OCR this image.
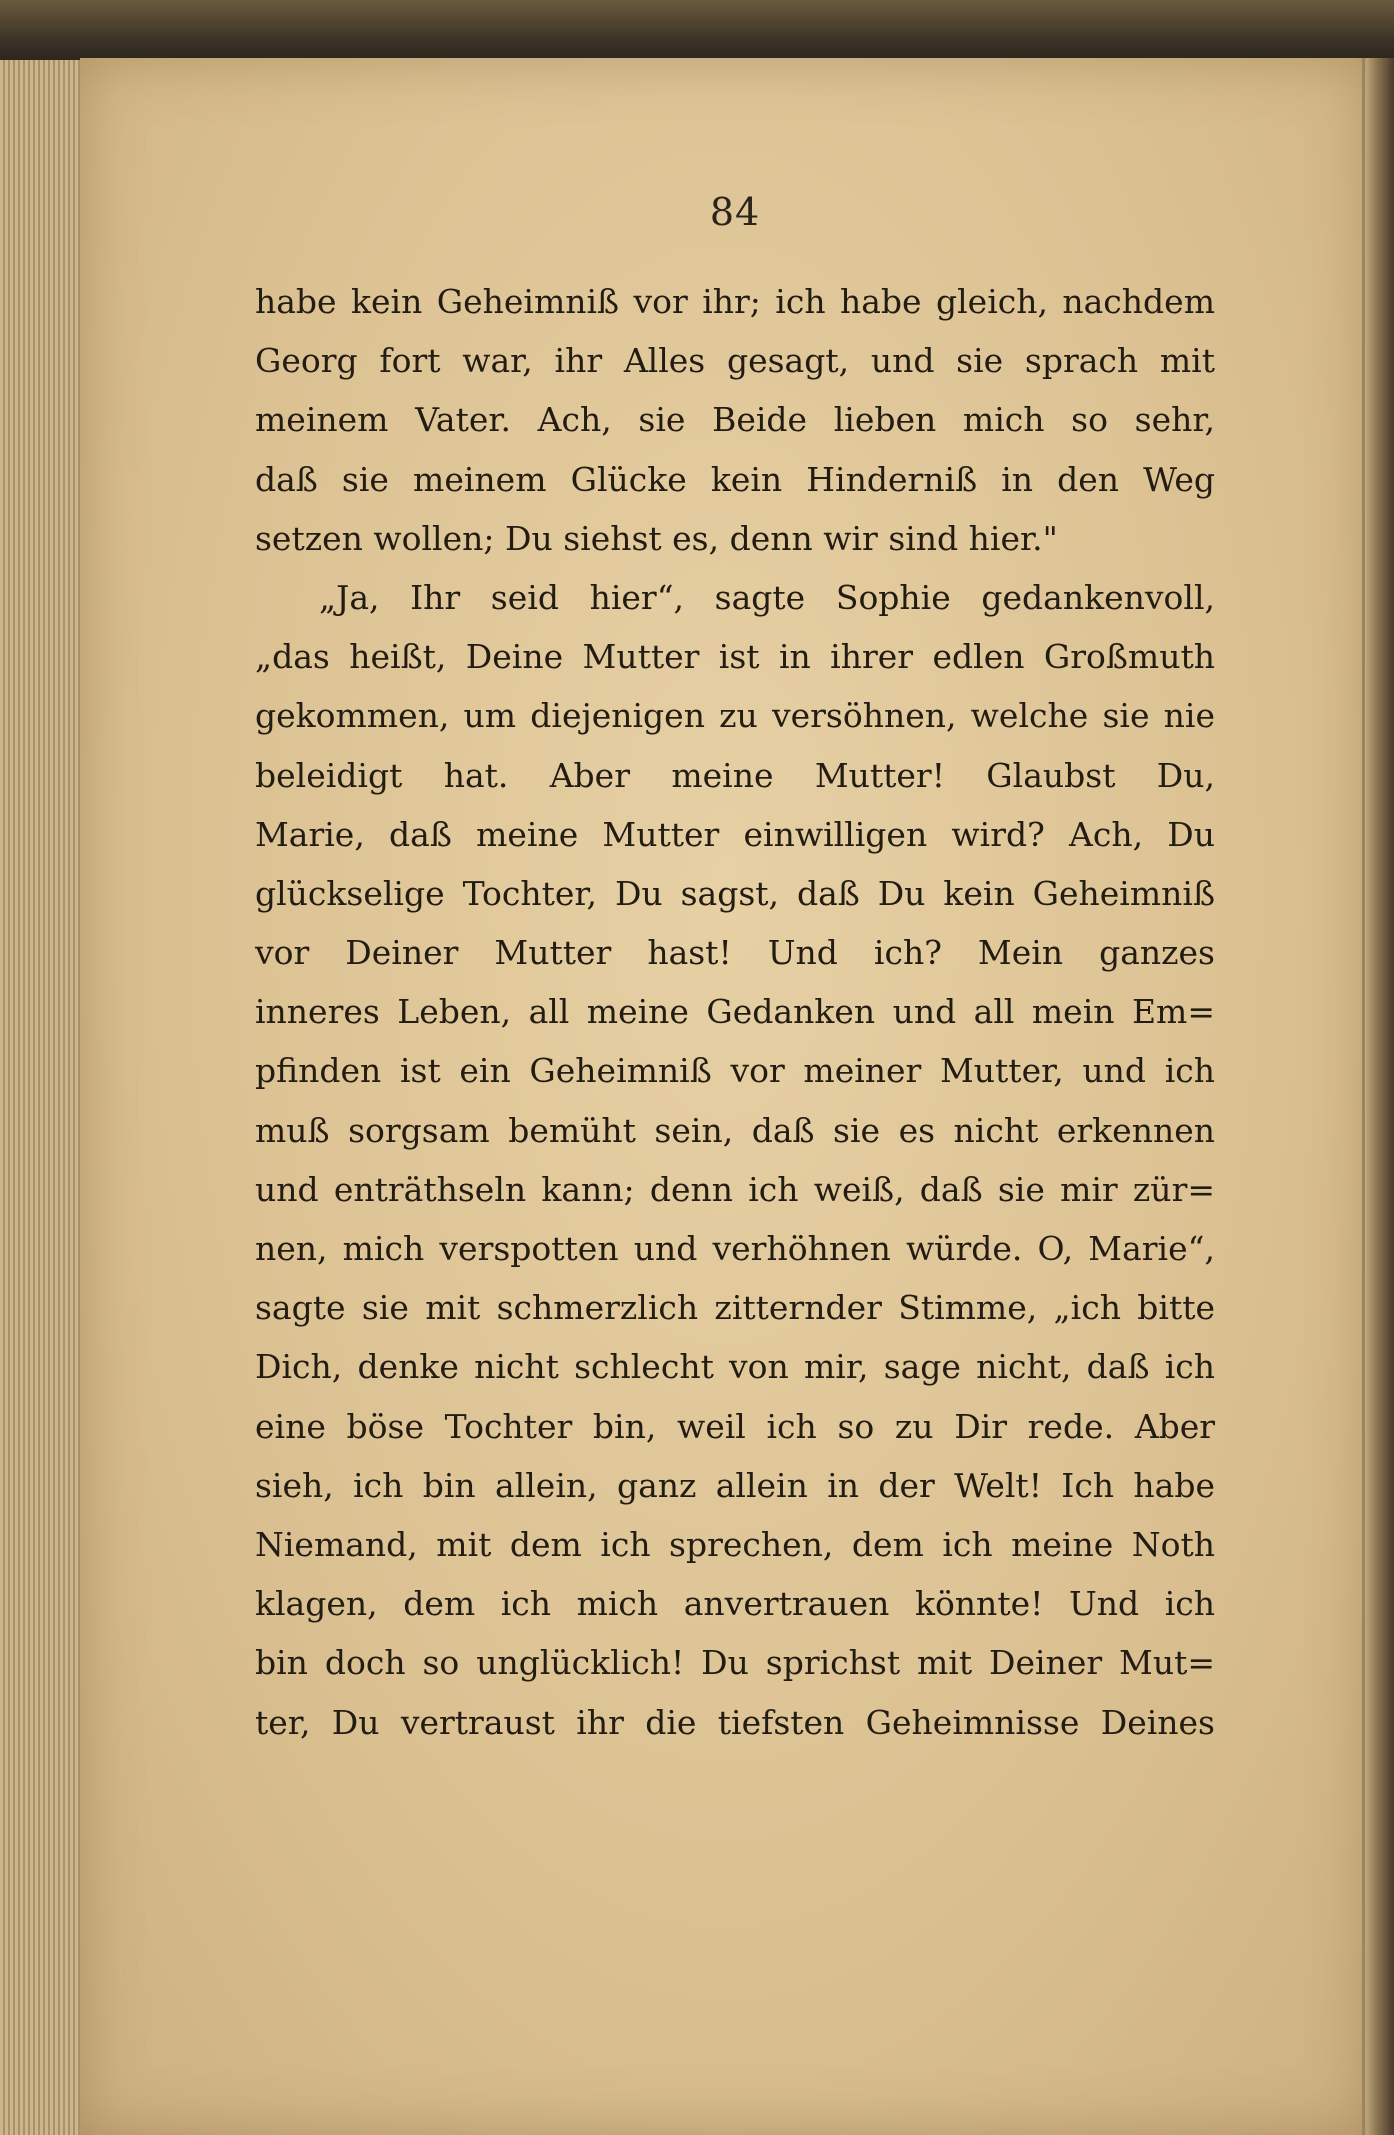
84
habe kein Geheimniß vor ihr; ich habe gleich, nachdem
Georg fort war, ihr Alles gesagt, und sie sprach mit
meinem Vater. Ach, sie Beide lieben mich so sehr,
daß sie meinem Glücke kein Hinderniß in den Weg
setzen wollen; Du siehst es, denn wir sind hier."
„Ja, Ihr seid hier“, sagte Sophie gedankenvoll,
„das heißt, Deine Mutter ist in ihrer edlen Großmuth
gekommen, um diejenigen zu versöhnen, welche sie nie
beleidigt hat. Aber meine Mutter! Glaubst Du,
Marie, daß meine Mutter einwilligen wird? Ach, Du
glückselige Tochter, Du sagst, daß Du kein Geheimniß
vor Deiner Mutter hast! Und ich? Mein ganzes
inneres Leben, all meine Gedanken und all mein Em=
pfinden ist ein Geheimniß vor meiner Mutter, und ich
muß sorgsam bemüht sein, daß sie es nicht erkennen
und enträthseln kann; denn ich weiß, daß sie mir zür=
nen, mich verspotten und verhöhnen würde. O, Marie“,
sagte sie mit schmerzlich zitternder Stimme, „ich bitte
Dich, denke nicht schlecht von mir, sage nicht, daß ich
eine böse Tochter bin, weil ich so zu Dir rede. Aber
sieh, ich bin allein, ganz allein in der Welt! Ich habe
Niemand, mit dem ich sprechen, dem ich meine Noth
klagen, dem ich mich anvertrauen könnte! Und ich
bin doch so unglücklich! Du sprichst mit Deiner Mut=
ter, Du vertraust ihr die tiefsten Geheimnisse Deines
